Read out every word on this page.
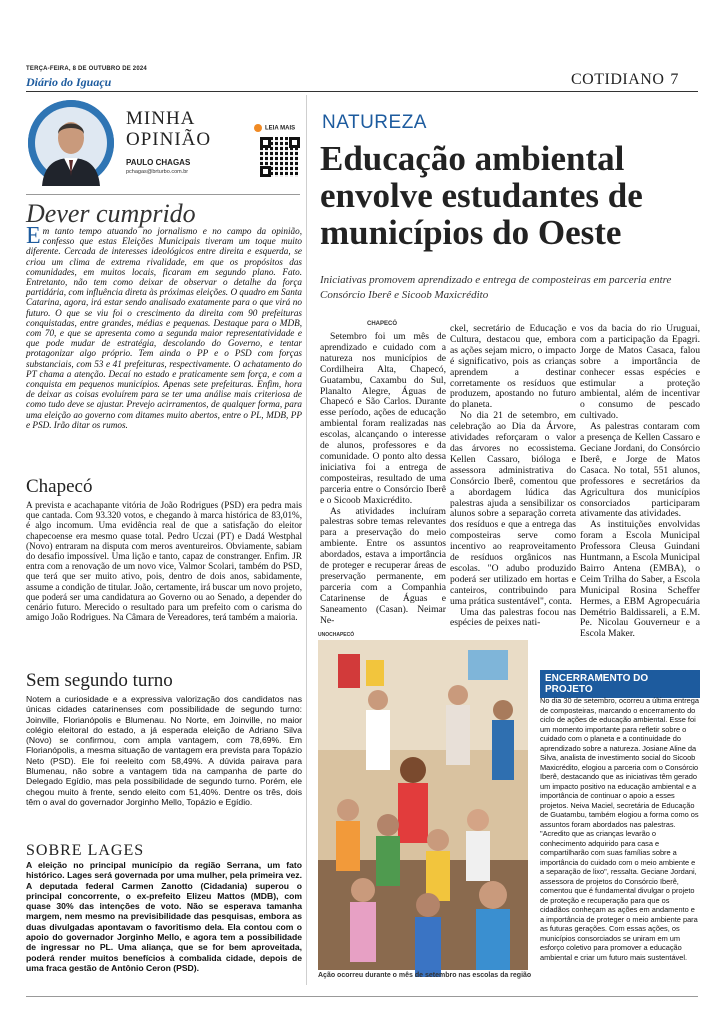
TERÇA-FEIRA, 8 DE OUTUBRO DE 2024
Diário do Iguaçu	COTIDIANO 7
MINHA
OPINIÃO
PAULO CHAGAS
pchagas@brturbo.com.br
LEIA MAIS
Dever cumprido
Em tanto tempo atuando no jornalismo e no campo da opinião, confesso que estas Eleições Municipais tiveram um toque muito diferente. Cercada de interesses ideológicos entre direita e esquerda, se criou um clima de extrema rivalidade, em que os propósitos das comunidades, em muitos locais, ficaram em segundo plano. Fato. Entretanto, não tem como deixar de observar o detalhe da força partidária, com influência direta às próximas eleições. O quadro em Santa Catarina, agora, irá estar sendo analisado exatamente para o que virá no futuro. O que se viu foi o crescimento da direita com 90 prefeituras conquistadas, entre grandes, médias e pequenas. Destaque para o MDB, com 70, e que se apresenta como a segunda maior representatividade e que pode mudar de estratégia, descolando do Governo, e tentar protagonizar algo próprio. Tem ainda o PP e o PSD com forças substanciais, com 53 e 41 prefeituras, respectivamente. O achatamento do PT chama a atenção. Decaí no estado e praticamente sem força, e com a conquista em pequenos municípios. Apenas sete prefeituras. Enfim, hora de deixar as coisas evoluírem para se ter uma análise mais criteriosa de como tudo deve se ajustar. Prevejo acirramentos, de qualquer forma, para uma eleição ao governo com ditames muito abertos, entre o PL, MDB, PP e PSD. Irão ditar os rumos.
Chapecó
A prevista e acachapante vitória de João Rodrigues (PSD) era pedra mais que cantada. Com 93.320 votos, e chegando à marca histórica de 83,01%, é algo incomum. Uma evidência real de que a satisfação do eleitor chapecoense era mesmo quase total. Pedro Uczai (PT) e Dadá Westphal (Novo) entraram na disputa com meros aventureiros. Obviamente, sabiam do desafio impossível. Uma lição e tanto, capaz de constranger. Enfim. JR entra com a renovação de um novo vice, Valmor Scolari, também do PSD, que terá que ser muito ativo, pois, dentro de dois anos, sabidamente, assume a condição de titular. João, certamente, irá buscar um novo projeto, que poderá ser uma candidatura ao Governo ou ao Senado, a depender do cenário futuro. Merecido o resultado para um prefeito com o carisma do amigo João Rodrigues. Na Câmara de Vereadores, terá também a maioria.
Sem segundo turno
Notem a curiosidade e a expressiva valorização dos candidatos nas únicas cidades catarinenses com possibilidade de segundo turno: Joinville, Florianópolis e Blumenau. No Norte, em Joinville, no maior colégio eleitoral do estado, a já esperada eleição de Adriano Silva (Novo) se confirmou, com ampla vantagem, com 78,69%. Em Florianópolis, a mesma situação de vantagem era prevista para Topázio Neto (PSD). Ele foi reeleito com 58,49%. A dúvida pairava para Blumenau, não sobre a vantagem tida na campanha de parte do Delegado Egídio, mas pela possibilidade de segundo turno. Porém, ele chegou muito à frente, sendo eleito com 51,40%. Dentre os três, dois têm o aval do governador Jorginho Mello, Topázio e Egídio.
SOBRE LAGES
A eleição no principal município da região Serrana, um fato histórico. Lages será governada por uma mulher, pela primeira vez. A deputada federal Carmen Zanotto (Cidadania) superou o principal concorrente, o ex-prefeito Elizeu Mattos (MDB), com quase 30% das intenções de voto. Não se esperava tamanha margem, nem mesmo na previsibilidade das pesquisas, embora as duas divulgadas apontavam o favoritismo dela. Ela contou com o apoio do governador Jorginho Mello, e agora tem a possibilidade de ingressar no PL. Uma aliança, que se for bem aproveitada, poderá render muitos benefícios à combalida cidade, depois de uma fraca gestão de Antônio Ceron (PSD).
NATUREZA
Educação ambiental envolve estudantes de municípios do Oeste
Iniciativas promovem aprendizado e entrega de composteiras em parceria entre Consórcio Iberê e Sicoob Maxicrédito
CHAPECÓ

Setembro foi um mês de aprendizado e cuidado com a natureza nos municípios de Cordilheira Alta, Chapecó, Guatambu, Caxambu do Sul, Planalto Alegre, Águas de Chapecó e São Carlos. Durante esse período, ações de educação ambiental foram realizadas nas escolas, alcançando o interesse de alunos, professores e da comunidade. O ponto alto dessa iniciativa foi a entrega de composteiras, resultado de uma parceria entre o Consórcio Iberê e o Sicoob Maxicrédito.

As atividades incluíram palestras sobre temas relevantes para a preservação do meio ambiente. Entre os assuntos abordados, estava a importância de proteger e recuperar áreas de preservação permanente, em parceria com a Companhia Catarinense de Águas e Saneamento (Casan). Neimar Ne-

ckel, secretário de Educação e Cultura, destacou que, embora as ações sejam micro, o impacto é significativo, pois as crianças aprendem a destinar corretamente os resíduos que produzem, apostando no futuro do planeta.

No dia 21 de setembro, em celebração ao Dia da Árvore, atividades reforçaram o valor das árvores no ecossistema. Kellen Cassaro, bióloga e assessora administrativa do Consórcio Iberê, comentou que a abordagem lúdica das palestras ajuda a sensibilizar os alunos sobre a separação correta dos resíduos e que a entrega das composteiras serve como incentivo ao reaproveitamento de resíduos orgânicos nas escolas. "O adubo produzido poderá ser utilizado em hortas e canteiros, contribuindo para uma prática sustentável", conta.

Uma das palestras focou nas espécies de peixes nati-

vos da bacia do rio Uruguai, com a participação da Epagri. Jorge de Matos Casaca, falou sobre a importância de conhecer essas espécies e estimular a proteção ambiental, além de incentivar o consumo de pescado cultivado.

As palestras contaram com a presença de Kellen Cassaro e Geciane Jordani, do Consórcio Iberê, e Jorge de Matos Casaca. No total, 551 alunos, professores e secretários da Agricultura dos municípios consorciados participaram ativamente das atividades.

As instituições envolvidas foram a Escola Municipal Professora Cleusa Guindani Huntmann, a Escola Municipal Bairro Antena (EMBA), o Ceim Trilha do Saber, a Escola Municipal Rosina Scheffer Hermes, a EBM Agropecuária Demétrio Baldissareli, a E.M. Pe. Nicolau Gouverneur e a Escola Maker.

UNOCHAPECÓ
Ação ocorreu durante o mês de setembro nas escolas da região
ENCERRAMENTO DO PROJETO
No dia 30 de setembro, ocorreu a última entrega de composteiras, marcando o encerramento do ciclo de ações de educação ambiental. Esse foi um momento importante para refletir sobre o cuidado com o planeta e a continuidade do aprendizado sobre a natureza. Josiane Aline da Silva, analista de investimento social do Sicoob Maxicrédito, elogiou a parceria com o Consórcio Iberê, destacando que as iniciativas têm gerado um impacto positivo na educação ambiental e a importância de continuar o apoio a esses projetos. Neiva Maciel, secretária de Educação de Guatambu, também elogiou a forma como os assuntos foram abordados nas palestras. "Acredito que as crianças levarão o conhecimento adquirido para casa e compartilharão com suas famílias sobre a importância do cuidado com o meio ambiente e a separação de lixo", ressalta. Geciane Jordani, assessora de projetos do Consórcio Iberê, comentou que é fundamental divulgar o projeto de proteção e recuperação para que os cidadãos conheçam as ações em andamento e a importância de proteger o meio ambiente para as futuras gerações. Com essas ações, os municípios consorciados se uniram em um esforço coletivo para promover a educação ambiental e criar um futuro mais sustentável.
